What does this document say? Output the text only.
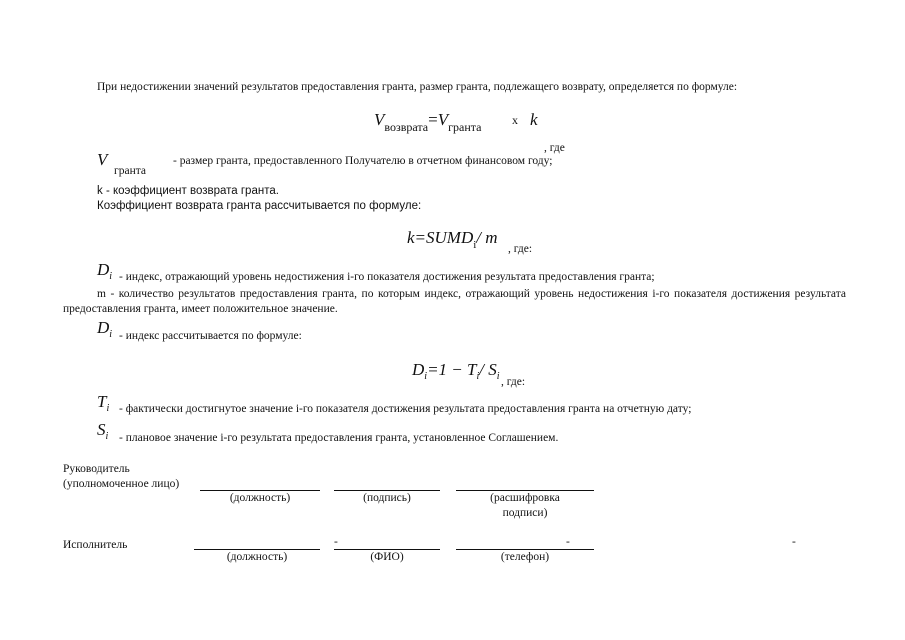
При недостижении значений результатов предоставления гранта, размер гранта, подлежащего возврату, определяется по формуле:
$V_{возврата}=V_{гранта}$	x k
, где
V
гранта
- размер гранта, предоставленного Получателю в отчетном финансовом году;
k - коэффициент возврата гранта.
Коэффициент возврата гранта рассчитывается по формуле:
$k=SUMD_i/$ m
, где:
$D_i$ - индекс, отражающий уровень недостижения i-го показателя достижения результата предоставления гранта;
m - количество результатов предоставления гранта, по которым индекс, отражающий уровень недостижения i-го показателя достижения результата предоставления гранта, имеет положительное значение.
$D_i$ - индекс рассчитывается по формуле:
$D_i=1 - T_i/$ $S_i$ , где:
$T_i$ - фактически достигнутое значение i-го показателя достижения результата предоставления гранта на отчетную дату;
$S_i$ - плановое значение i-го результата предоставления гранта, установленное Соглашением.
Руководитель
(уполномоченное лицо)
(должность)	(подпись)	(расшифровка
подписи)
Исполнитель	-	-	-
(должность)	(ФИО)	(телефон)
